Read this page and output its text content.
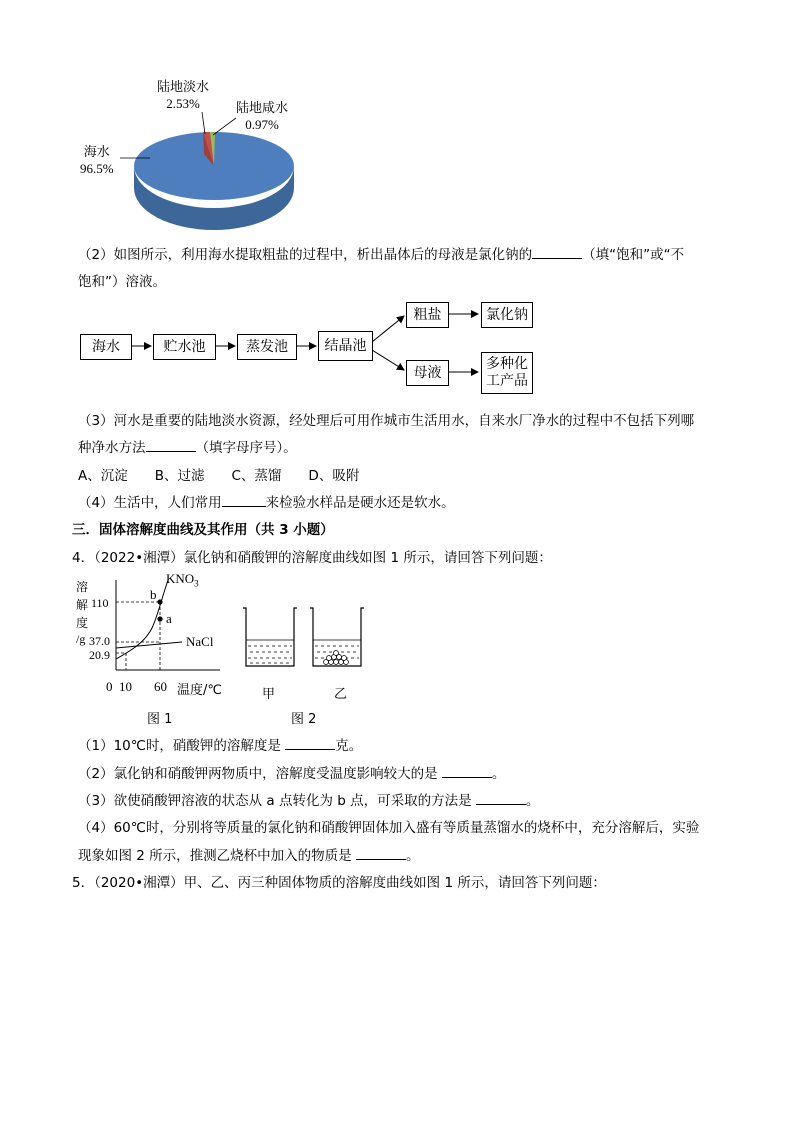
陆地淡水
2.53%	陆地咸水
0.97%
海水
96.5%
（2）如图所示，利用海水提取粗盐的过程中，析出晶体后的母液是氯化钠的	（填“饱和”或“不
饱和”）溶液。
海水	贮水池	蒸发池	结晶池
粗盐	氯化钠
母液
多种化
工产品
（3）河水是重要的陆地淡水资源，经处理后可用作城市生活用水，自来水厂净水的过程中不包括下列哪
种净水方法	（填字母序号）。
A、沉淀　　B、过滤　　C、蒸馏　　D、吸附
（4）生活中，人们常用	来检验水样品是硬水还是软水。
三．固体溶解度曲线及其作用（共 3 小题）
4．（2022•湘潭）氯化钠和硝酸钾的溶解度曲线如图 1 所示，请回答下列问题：
溶
解
度
/g
110
37.0
20.9
0 10 60 温度/℃
$KNO_3$
NaCl
b
a
图 1
甲	乙
图 2
（1）10℃时，硝酸钾的溶解度是	克。
（2）氯化钠和硝酸钾两物质中，溶解度受温度影响较大的是	。
（3）欲使硝酸钾溶液的状态从 a 点转化为 b 点，可采取的方法是	。
（4）60℃时，分别将等质量的氯化钠和硝酸钾固体加入盛有等质量蒸馏水的烧杯中，充分溶解后，实验
现象如图 2 所示，推测乙烧杯中加入的物质是	。
5．（2020•湘潭）甲、乙、丙三种固体物质的溶解度曲线如图 1 所示，请回答下列问题：
